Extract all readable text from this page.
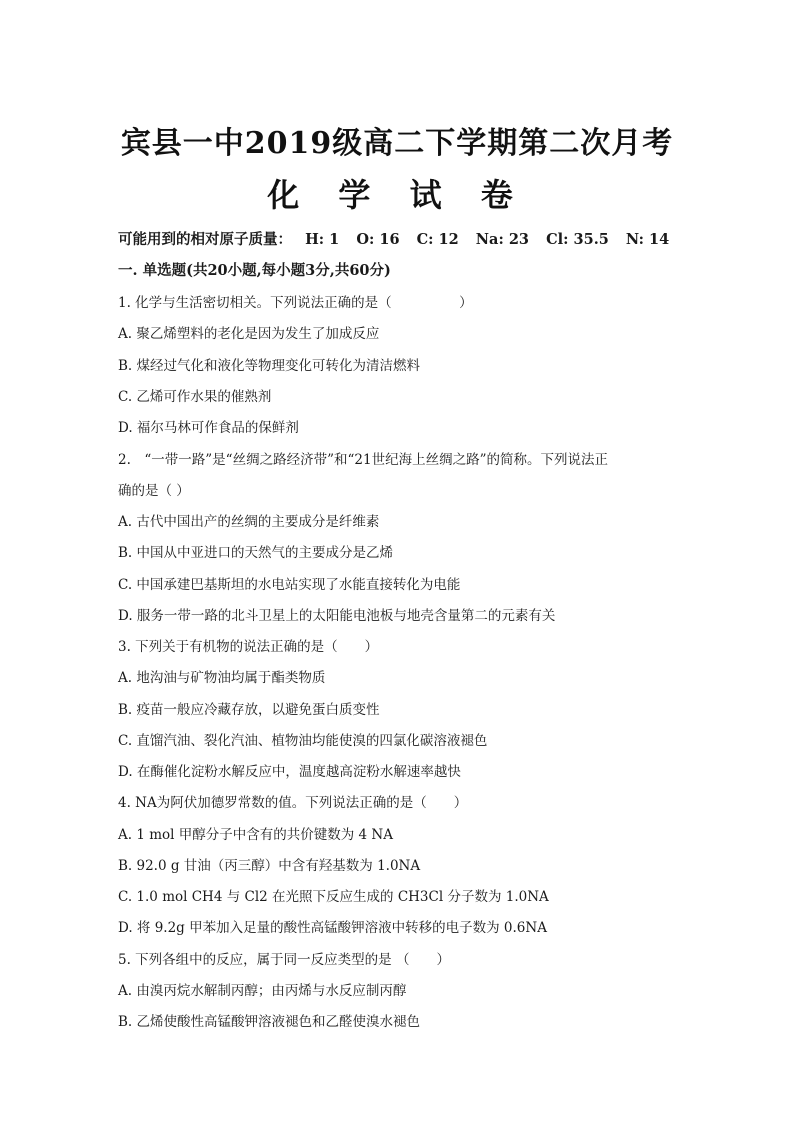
宾县一中2019级高二下学期第二次月考
化 学 试 卷
可能用到的相对原子质量： H: 1 O: 16 C: 12 Na: 23 Cl: 35.5 N: 14
一. 单选题(共20小题,每小题3分,共60分)
1. 化学与生活密切相关。下列说法正确的是（　　　　　）
A. 聚乙烯塑料的老化是因为发生了加成反应
B. 煤经过气化和液化等物理变化可转化为清洁燃料
C. 乙烯可作水果的催熟剂
D. 福尔马林可作食品的保鲜剂
2.　“一带一路”是“丝绸之路经济带”和“21世纪海上丝绸之路”的简称。下列说法正
确的是（ ）
A. 古代中国出产的丝绸的主要成分是纤维素
B. 中国从中亚进口的天然气的主要成分是乙烯
C. 中国承建巴基斯坦的水电站实现了水能直接转化为电能
D. 服务一带一路的北斗卫星上的太阳能电池板与地壳含量第二的元素有关
3. 下列关于有机物的说法正确的是（　　）
A. 地沟油与矿物油均属于酯类物质
B. 疫苗一般应冷藏存放，以避免蛋白质变性
C. 直馏汽油、裂化汽油、植物油均能使溴的四氯化碳溶液褪色
D. 在酶催化淀粉水解反应中，温度越高淀粉水解速率越快
4. NA为阿伏加德罗常数的值。下列说法正确的是（　　）
A. 1 mol 甲醇分子中含有的共价键数为 4 NA
B. 92.0 g 甘油（丙三醇）中含有羟基数为 1.0NA
C. 1.0 mol CH4 与 Cl2 在光照下反应生成的 CH3Cl 分子数为 1.0NA
D. 将 9.2g 甲苯加入足量的酸性高锰酸钾溶液中转移的电子数为 0.6NA
5. 下列各组中的反应，属于同一反应类型的是 （　　）
A. 由溴丙烷水解制丙醇；由丙烯与水反应制丙醇
B. 乙烯使酸性高锰酸钾溶液褪色和乙醛使溴水褪色
